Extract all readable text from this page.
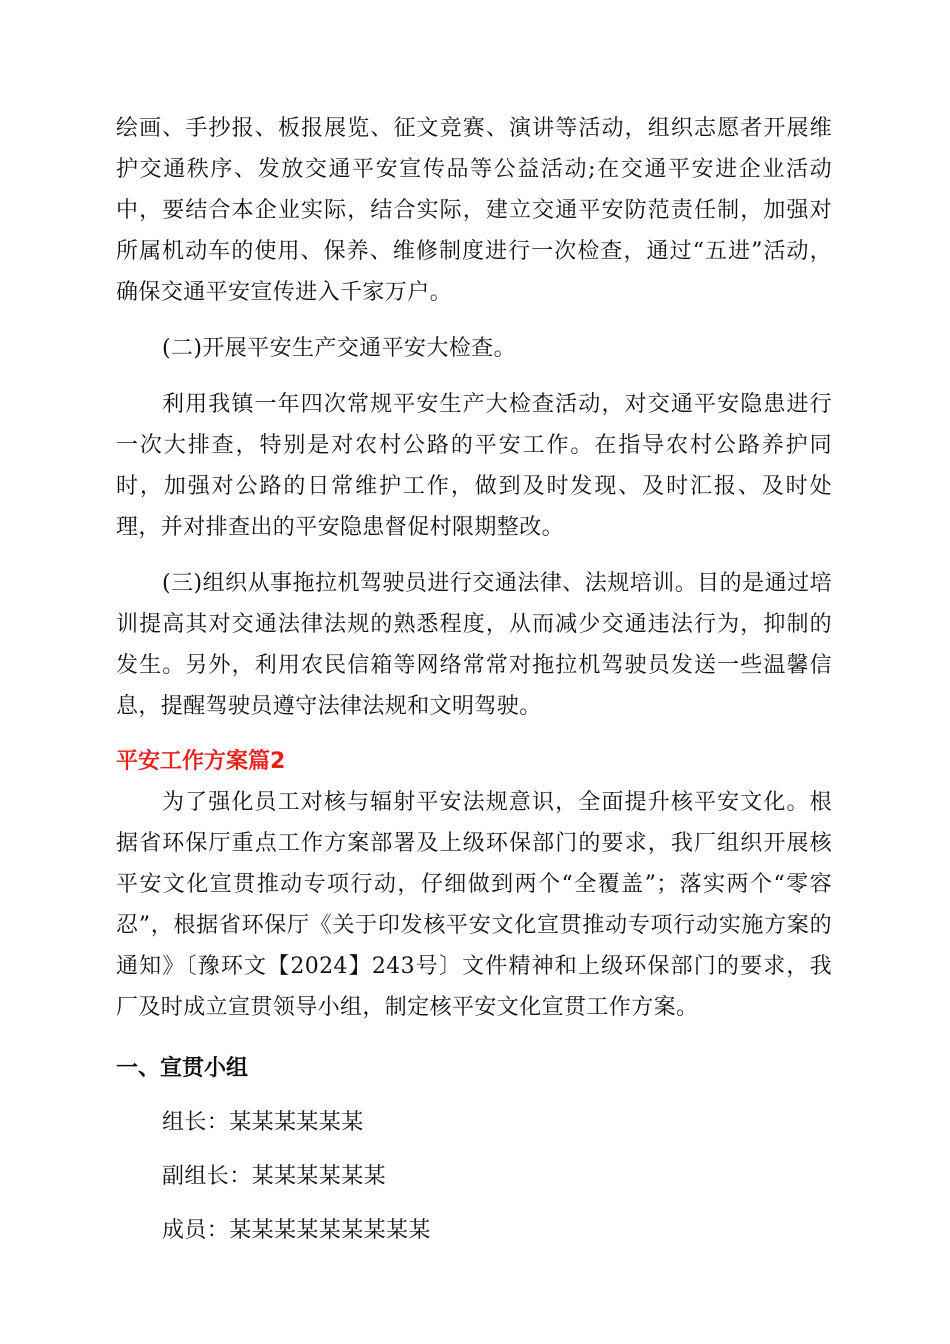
绘画、手抄报、板报展览、征文竞赛、演讲等活动，组织志愿者开展维护交通秩序、发放交通平安宣传品等公益活动;在交通平安进企业活动中，要结合本企业实际，结合实际，建立交通平安防范责任制，加强对所属机动车的使用、保养、维修制度进行一次检查，通过“五进”活动，确保交通平安宣传进入千家万户。

(二)开展平安生产交通平安大检查。

利用我镇一年四次常规平安生产大检查活动，对交通平安隐患进行一次大排查，特别是对农村公路的平安工作。在指导农村公路养护同时，加强对公路的日常维护工作，做到及时发现、及时汇报、及时处理，并对排查出的平安隐患督促村限期整改。

(三)组织从事拖拉机驾驶员进行交通法律、法规培训。目的是通过培训提高其对交通法律法规的熟悉程度，从而减少交通违法行为，抑制的发生。另外，利用农民信箱等网络常常对拖拉机驾驶员发送一些温馨信息，提醒驾驶员遵守法律法规和文明驾驶。

平安工作方案篇2

为了强化员工对核与辐射平安法规意识，全面提升核平安文化。根据省环保厅重点工作方案部署及上级环保部门的要求，我厂组织开展核平安文化宣贯推动专项行动，仔细做到两个“全覆盖”；落实两个“零容忍”，根据省环保厅《关于印发核平安文化宣贯推动专项行动实施方案的通知》〔豫环文【2024】243号〕文件精神和上级环保部门的要求，我厂及时成立宣贯领导小组，制定核平安文化宣贯工作方案。

一、宣贯小组

组长：某某某某某某

副组长：某某某某某某

成员：某某某某某某某某某
